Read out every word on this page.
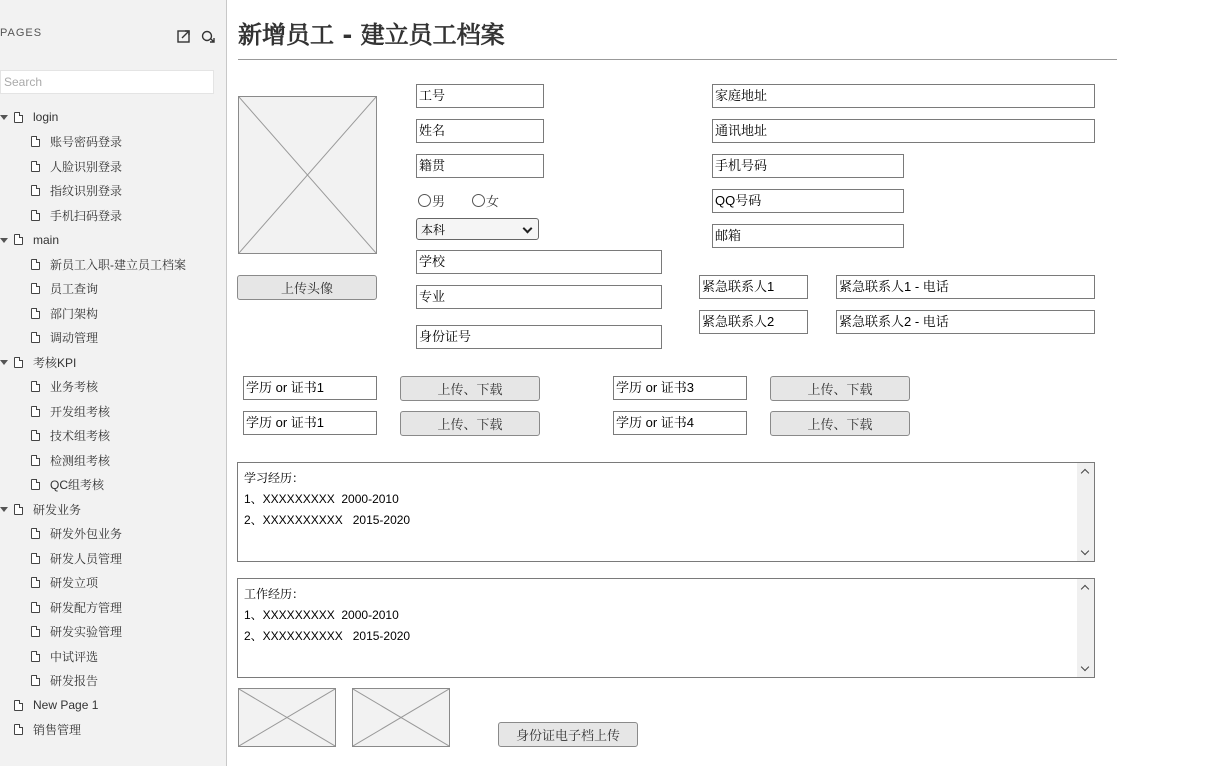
PAGES
Search
login
账号密码登录
人脸识别登录
指纹识别登录
手机扫码登录
main
新员工入职-建立员工档案
员工查询
部门架构
调动管理
考核KPI
业务考核
开发组考核
技术组考核
检测组考核
QC组考核
研发业务
研发外包业务
研发人员管理
研发立项
研发配方管理
研发实验管理
中试评选
研发报告
New Page 1
销售管理
新增员工 - 建立员工档案
上传头像
工号
姓名
籍贯
男	女
本科
学校
专业
身份证号
家庭地址
通讯地址
手机号码
QQ号码
邮箱
紧急联系人1	紧急联系人1 - 电话
紧急联系人2	紧急联系人2 - 电话
学历 or 证书1	上传、下载	学历 or 证书3	上传、下载
学历 or 证书1	上传、下载	学历 or 证书4	上传、下载
学习经历：
1、XXXXXXXXX  2000-2010
2、XXXXXXXXXX   2015-2020
工作经历：
1、XXXXXXXXX  2000-2010
2、XXXXXXXXXX   2015-2020
身份证电子档上传
